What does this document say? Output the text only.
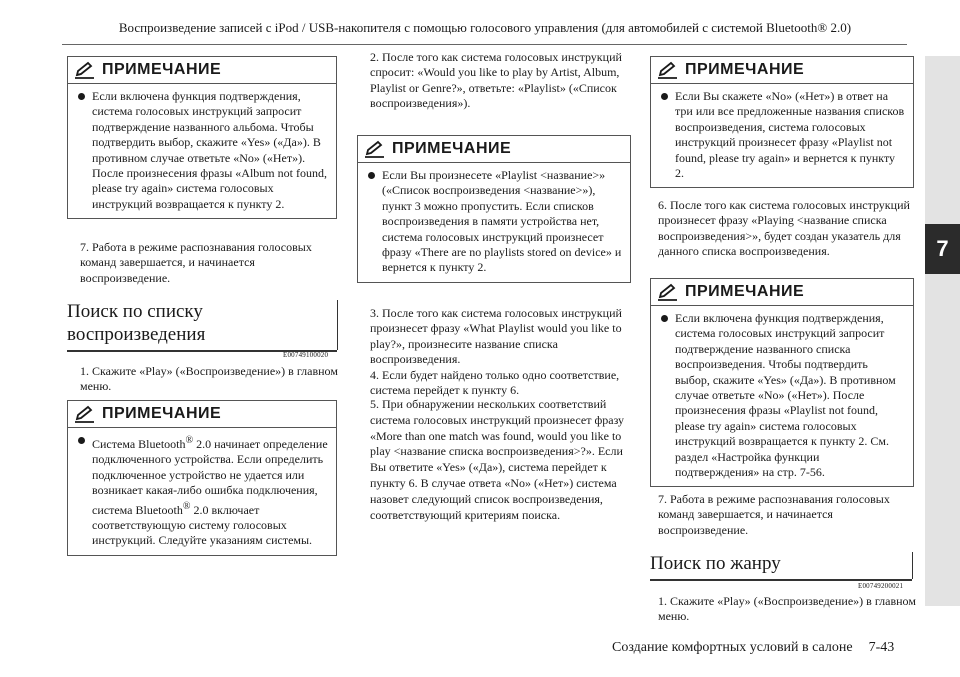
Воспроизведение записей с iPod / USB-накопителя с помощью голосового управления (для автомобилей с системой Bluetooth® 2.0)
7
ПРИМЕЧАНИЕ
Если включена функция подтверждения, система голосовых инструкций запросит подтверждение названного альбома. Чтобы подтвердить выбор, скажите «Yes» («Да»). В противном случае ответьте «No» («Нет»). После произнесения фразы «Album not found, please try again» система голосовых инструкций возвращается к пункту 2.
7. Работа в режиме распознавания голосовых команд завершается, и начинается воспроизведение.
Поиск по списку
воспроизведения
E00749100020
1. Скажите «Play» («Воспроизведение») в главном меню.
ПРИМЕЧАНИЕ
Система Bluetooth® 2.0 начинает определение подключенного устройства. Если определить подключенное устройство не удается или возникает какая-либо ошибка подключения, система Bluetooth® 2.0 включает соответствующую систему голосовых инструкций. Следуйте указаниям системы.
2. После того как система голосовых инструкций спросит: «Would you like to play by Artist, Album, Playlist or Genre?», ответьте: «Playlist» («Список воспроизведения»).
ПРИМЕЧАНИЕ
Если Вы произнесете «Playlist <название>» («Список воспроизведения <название>»), пункт 3 можно пропустить. Если списков воспроизведения в памяти устройства нет, система голосовых инструкций произнесет фразу «There are no playlists stored on device» и вернется к пункту 2.
3. После того как система голосовых инструкций произнесет фразу «What Playlist would you like to play?», произнесите название списка воспроизведения.
4. Если будет найдено только одно соответствие, система перейдет к пункту 6.
5. При обнаружении нескольких соответствий система голосовых инструкций произнесет фразу «More than one match was found, would you like to play <название списка воспроизведения>?». Если Вы ответите «Yes» («Да»), система перейдет к пункту 6. В случае ответа «No» («Нет») система назовет следующий список воспроизведения, соответствующий критериям поиска.
ПРИМЕЧАНИЕ
Если Вы скажете «No» («Нет») в ответ на три или все предложенные названия списков воспроизведения, система голосовых инструкций произнесет фразу «Playlist not found, please try again» и вернется к пункту 2.
6. После того как система голосовых инструкций произнесет фразу «Playing <название списка воспроизведения>», будет создан указатель для данного списка воспроизведения.
ПРИМЕЧАНИЕ
Если включена функция подтверждения, система голосовых инструкций запросит подтверждение названного списка воспроизведения. Чтобы подтвердить выбор, скажите «Yes» («Да»). В противном случае ответьте «No» («Нет»). После произнесения фразы «Playlist not found, please try again» система голосовых инструкций возвращается к пункту 2. См. раздел «Настройка функции подтверждения» на стр. 7-56.
7. Работа в режиме распознавания голосовых команд завершается, и начинается воспроизведение.
Поиск по жанру
E00749200021
1. Скажите «Play» («Воспроизведение») в главном меню.
Создание комфортных условий в салоне 7-43
